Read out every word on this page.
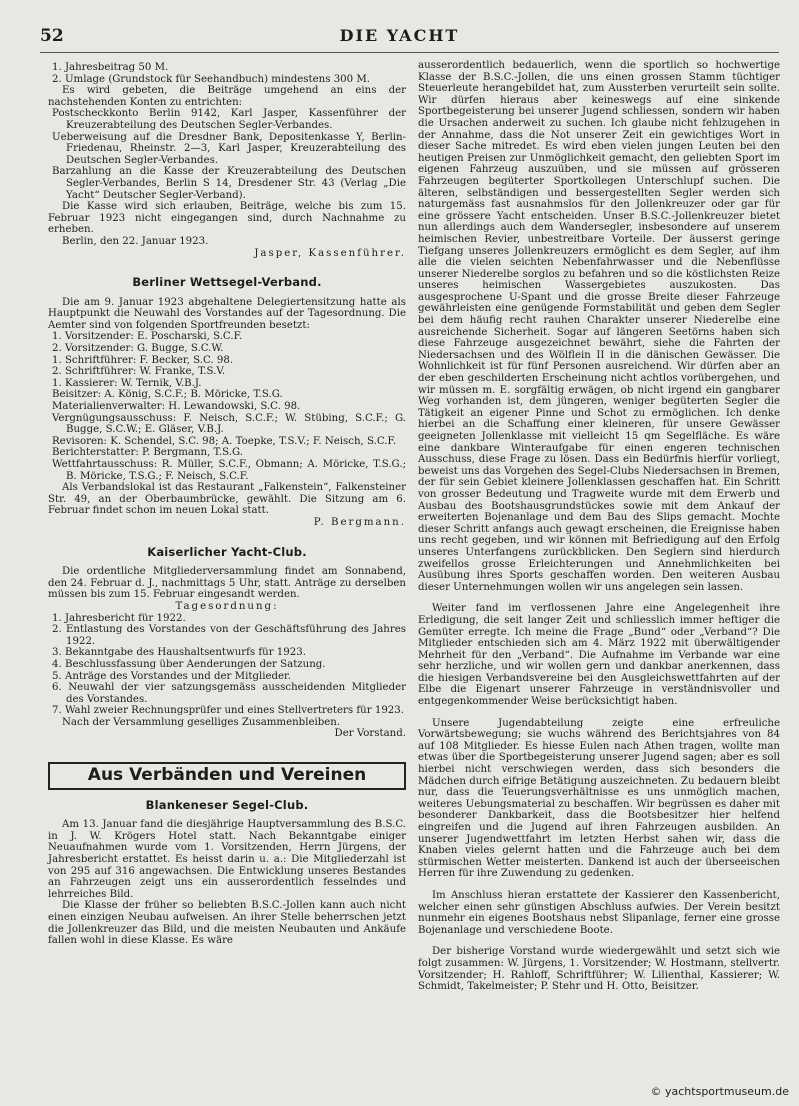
52	DIE YACHT
1. Jahresbeitrag 50 M.
2. Umlage (Grundstock für Seehandbuch) mindestens 300 M.

Es wird gebeten, die Beiträge umgehend an eins der nachstehenden Konten zu entrichten:

Postscheckkonto Berlin 9142, Karl Jasper, Kassenführer der Kreuzerabteilung des Deutschen Segler-Verbandes.
Ueberweisung auf die Dresdner Bank, Depositenkasse Y, Berlin-Friedenau, Rheinstr. 2—3, Karl Jasper, Kreuzerabteilung des Deutschen Segler-Verbandes.
Barzahlung an die Kasse der Kreuzerabteilung des Deutschen Segler-Verbandes, Berlin S 14, Dresdener Str. 43 (Verlag „Die Yacht“ Deutscher Segler-Verband).

Die Kasse wird sich erlauben, Beiträge, welche bis zum 15. Februar 1923 nicht eingegangen sind, durch Nachnahme zu erheben.

Berlin, den 22. Januar 1923.

Jasper, Kassenführer.
Berliner Wettsegel-Verband.

Die am 9. Januar 1923 abgehaltene Delegiertensitzung hatte als Hauptpunkt die Neuwahl des Vorstandes auf der Tagesordnung. Die Aemter sind von folgenden Sportfreunden besetzt:

1. Vorsitzender: E. Poscharski, S.C.F.
2. Vorsitzender: G. Bugge, S.C.W.
1. Schriftführer: F. Becker, S.C. 98.
2. Schriftführer: W. Franke, T.S.V.
1. Kassierer: W. Ternik, V.B.J.
Beisitzer: A. König, S.C.F.; B. Möricke, T.S.G.
Materialienverwalter: H. Lewandowski, S.C. 98.
Vergnügungsausschuss: F. Neisch, S.C.F.; W. Stübing, S.C.F.; G. Bugge, S.C.W.; E. Gläser, V.B.J.
Revisoren: K. Schendel, S.C. 98; A. Toepke, T.S.V.; F. Neisch, S.C.F.
Berichterstatter: P. Bergmann, T.S.G.
Wettfahrtausschuss: R. Müller, S.C.F., Obmann; A. Möricke, T.S.G.; B. Möricke, T.S.G.; F. Neisch, S.C.F.

Als Verbandslokal ist das Restaurant „Falkenstein“, Falkensteiner Str. 49, an der Oberbaumbrücke, gewählt. Die Sitzung am 6. Februar findet schon im neuen Lokal statt.

P. Bergmann.
Kaiserlicher Yacht-Club.

Die ordentliche Mitgliederversammlung findet am Sonnabend, den 24. Februar d. J., nachmittags 5 Uhr, statt. Anträge zu derselben müssen bis zum 15. Februar eingesandt werden.

Tagesordnung:
1. Jahresbericht für 1922.
2. Entlastung des Vorstandes von der Geschäftsführung des Jahres 1922.
3. Bekanntgabe des Haushaltsentwurfs für 1923.
4. Beschlussfassung über Aenderungen der Satzung.
5. Anträge des Vorstandes und der Mitglieder.
6. Neuwahl der vier satzungsgemäss ausscheidenden Mitglieder des Vorstandes.
7. Wahl zweier Rechnungsprüfer und eines Stellvertreters für 1923.

Nach der Versammlung geselliges Zusammenbleiben.

Der Vorstand.
Aus Verbänden und Vereinen
Blankeneser Segel-Club.

Am 13. Januar fand die diesjährige Hauptversammlung des B.S.C. in J. W. Krögers Hotel statt. Nach Bekanntgabe einiger Neuaufnahmen wurde vom 1. Vorsitzenden, Herrn Jürgens, der Jahresbericht erstattet. Es heisst darin u. a.: Die Mitgliederzahl ist von 295 auf 316 angewachsen. Die Entwicklung unseres Bestandes an Fahrzeugen zeigt uns ein ausserordentlich fesselndes und lehrreiches Bild.

Die Klasse der früher so beliebten B.S.C.-Jollen kann auch nicht einen einzigen Neubau aufweisen. An ihrer Stelle beherrschen jetzt die Jollenkreuzer das Bild, und die meisten Neubauten und Ankäufe fallen wohl in diese Klasse. Es wäre

ausserordentlich bedauerlich, wenn die sportlich so hochwertige Klasse der B.S.C.-Jollen, die uns einen grossen Stamm tüchtiger Steuerleute herangebildet hat, zum Aussterben verurteilt sein sollte. Wir dürfen hieraus aber keineswegs auf eine sinkende Sportbegeisterung bei unserer Jugend schliessen, sondern wir haben die Ursachen anderweit zu suchen. Ich glaube nicht fehlzugehen in der Annahme, dass die Not unserer Zeit ein gewichtiges Wort in dieser Sache mitredet. Es wird eben vielen jungen Leuten bei den heutigen Preisen zur Unmöglichkeit gemacht, den geliebten Sport im eigenen Fahrzeug auszuüben, und sie müssen auf grösseren Fahrzeugen begüterter Sportkollegen Unterschlupf suchen. Die älteren, selbständigen und bessergestellten Segler werden sich naturgemäss fast ausnahmslos für den Jollenkreuzer oder gar für eine grössere Yacht entscheiden. Unser B.S.C.-Jollenkreuzer bietet nun allerdings auch dem Wandersegler, insbesondere auf unserem heimischen Revier, unbestreitbare Vorteile. Der äusserst geringe Tiefgang unseres Jollenkreuzers ermöglicht es dem Segler, auf ihm alle die vielen seichten Nebenfahrwasser und die Nebenflüsse unserer Niederelbe sorglos zu befahren und so die köstlichsten Reize unseres heimischen Wassergebietes auszukosten. Das ausgesprochene U-Spant und die grosse Breite dieser Fahrzeuge gewährleisten eine genügende Formstabilität und geben dem Segler bei dem häufig recht rauhen Charakter unserer Niederelbe eine ausreichende Sicherheit. Sogar auf längeren Seetörns haben sich diese Fahrzeuge ausgezeichnet bewährt, siehe die Fahrten der Niedersachsen und des Wölflein II in die dänischen Gewässer. Die Wohnlichkeit ist für fünf Personen ausreichend. Wir dürfen aber an der eben geschilderten Erscheinung nicht achtlos vorübergehen, und wir müssen m. E. sorgfältig erwägen, ob nicht irgend ein gangbarer Weg vorhanden ist, dem jüngeren, weniger begüterten Segler die Tätigkeit an eigener Pinne und Schot zu ermöglichen. Ich denke hierbei an die Schaffung einer kleineren, für unsere Gewässer geeigneten Jollenklasse mit vielleicht 15 qm Segelfläche. Es wäre eine dankbare Winteraufgabe für einen engeren technischen Ausschuss, diese Frage zu lösen. Dass ein Bedürfnis hierfür vorliegt, beweist uns das Vorgehen des Segel-Clubs Niedersachsen in Bremen, der für sein Gebiet kleinere Jollenklassen geschaffen hat. Ein Schritt von grosser Bedeutung und Tragweite wurde mit dem Erwerb und Ausbau des Bootshausgrundstückes sowie mit dem Ankauf der erweiterten Bojenanlage und dem Bau des Slips gemacht. Mochte dieser Schritt anfangs auch gewagt erscheinen, die Ereignisse haben uns recht gegeben, und wir können mit Befriedigung auf den Erfolg unseres Unterfangens zurückblicken. Den Seglern sind hierdurch zweifellos grosse Erleichterungen und Annehmlichkeiten bei Ausübung ihres Sports geschaffen worden. Den weiteren Ausbau dieser Unternehmungen wollen wir uns angelegen sein lassen.

Weiter fand im verflossenen Jahre eine Angelegenheit ihre Erledigung, die seit langer Zeit und schliesslich immer heftiger die Gemüter erregte. Ich meine die Frage „Bund“ oder „Verband“? Die Mitglieder entschieden sich am 4. März 1922 mit überwältigender Mehrheit für den „Verband“. Die Aufnahme im Verbande war eine sehr herzliche, und wir wollen gern und dankbar anerkennen, dass die hiesigen Verbandsvereine bei den Ausgleichswettfahrten auf der Elbe die Eigenart unserer Fahrzeuge in verständnisvoller und entgegenkommender Weise berücksichtigt haben.

Unsere Jugendabteilung zeigte eine erfreuliche Vorwärtsbewegung; sie wuchs während des Berichtsjahres von 84 auf 108 Mitglieder. Es hiesse Eulen nach Athen tragen, wollte man etwas über die Sportbegeisterung unserer Jugend sagen; aber es soll hierbei nicht verschwiegen werden, dass sich besonders die Mädchen durch eifrige Betätigung auszeichneten. Zu bedauern bleibt nur, dass die Teuerungsverhältnisse es uns unmöglich machen, weiteres Uebungsmaterial zu beschaffen. Wir begrüssen es daher mit besonderer Dankbarkeit, dass die Bootsbesitzer hier helfend eingreifen und die Jugend auf ihren Fahrzeugen ausbilden. An unserer Jugendwettfahrt im letzten Herbst sahen wir, dass die Knaben vieles gelernt hatten und die Fahrzeuge auch bei dem stürmischen Wetter meisterten. Dankend ist auch der überseeischen Herren für ihre Zuwendung zu gedenken.

Im Anschluss hieran erstattete der Kassierer den Kassenbericht, welcher einen sehr günstigen Abschluss aufwies. Der Verein besitzt nunmehr ein eigenes Bootshaus nebst Slipanlage, ferner eine grosse Bojenanlage und verschiedene Boote.

Der bisherige Vorstand wurde wiedergewählt und setzt sich wie folgt zusammen: W. Jürgens, 1. Vorsitzender; W. Hostmann, stellvertr. Vorsitzender; H. Rahloff, Schriftführer; W. Lilienthal, Kassierer; W. Schmidt, Takelmeister; P. Stehr und H. Otto, Beisitzer.

© yachtsportmuseum.de
